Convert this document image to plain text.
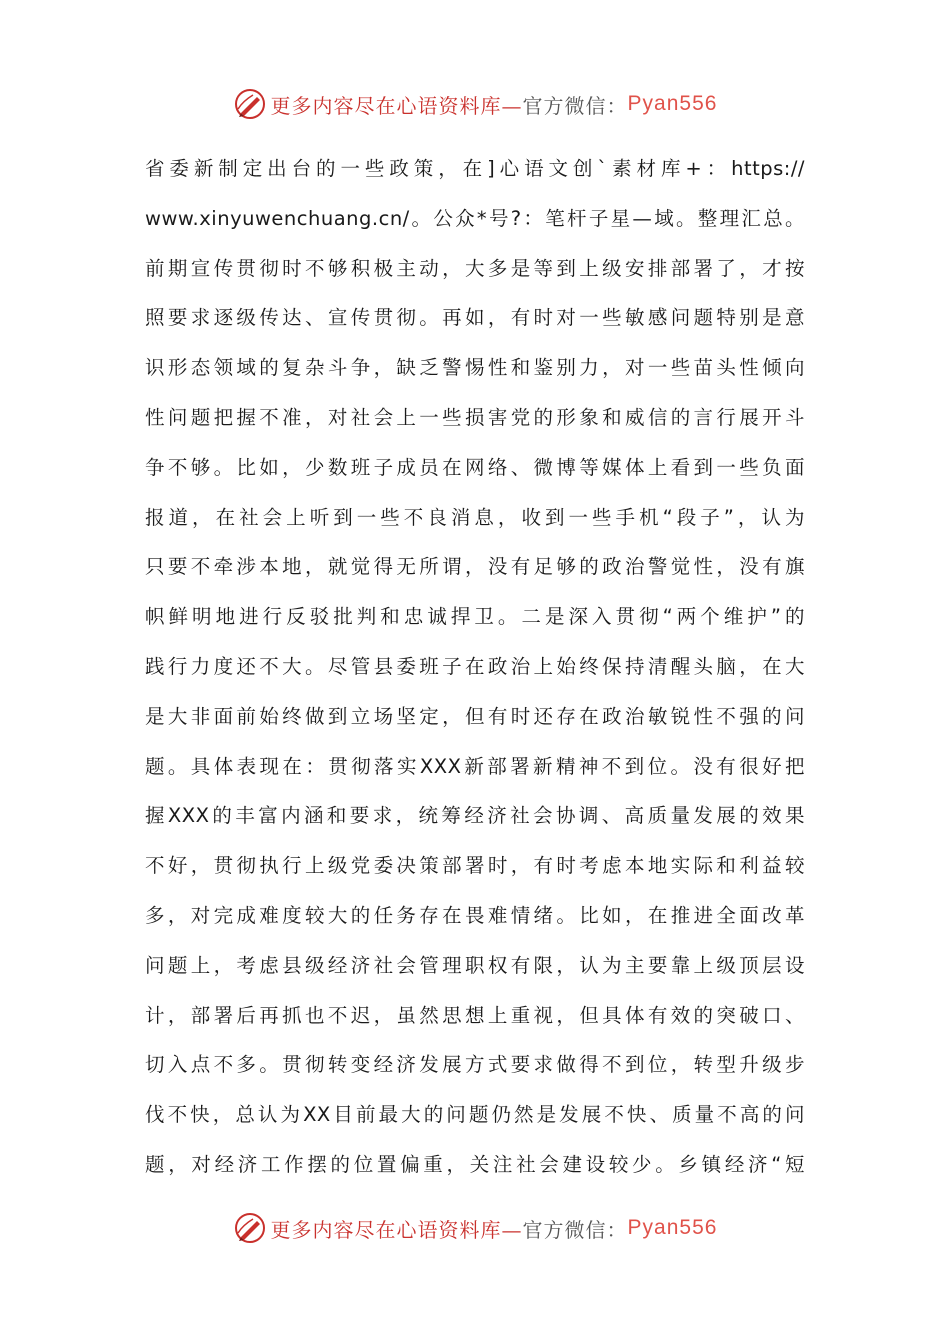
更多内容尽在心语资料库— 官方微信： Pyan556
省委新制定出台的一些政策，在]心语文创`素材库+：https://
www.xinyuwenchuang.cn/。公众*号?：笔杆子星—域。整理汇总。
前期宣传贯彻时不够积极主动，大多是等到上级安排部署了，才按
照要求逐级传达、宣传贯彻。再如，有时对一些敏感问题特别是意
识形态领域的复杂斗争，缺乏警惕性和鉴别力，对一些苗头性倾向
性问题把握不准，对社会上一些损害党的形象和威信的言行展开斗
争不够。比如，少数班子成员在网络、微博等媒体上看到一些负面
报道，在社会上听到一些不良消息，收到一些手机“段子”，认为
只要不牵涉本地，就觉得无所谓，没有足够的政治警觉性，没有旗
帜鲜明地进行反驳批判和忠诚捍卫。二是深入贯彻“两个维护”的
践行力度还不大。尽管县委班子在政治上始终保持清醒头脑，在大
是大非面前始终做到立场坚定，但有时还存在政治敏锐性不强的问
题。具体表现在：贯彻落实XXX新部署新精神不到位。没有很好把
握XXX的丰富内涵和要求，统筹经济社会协调、高质量发展的效果
不好，贯彻执行上级党委决策部署时，有时考虑本地实际和利益较
多，对完成难度较大的任务存在畏难情绪。比如，在推进全面改革
问题上，考虑县级经济社会管理职权有限，认为主要靠上级顶层设
计，部署后再抓也不迟，虽然思想上重视，但具体有效的突破口、
切入点不多。贯彻转变经济发展方式要求做得不到位，转型升级步
伐不快，总认为XX目前最大的问题仍然是发展不快、质量不高的问
题，对经济工作摆的位置偏重，关注社会建设较少。乡镇经济“短
更多内容尽在心语资料库— 官方微信： Pyan556
